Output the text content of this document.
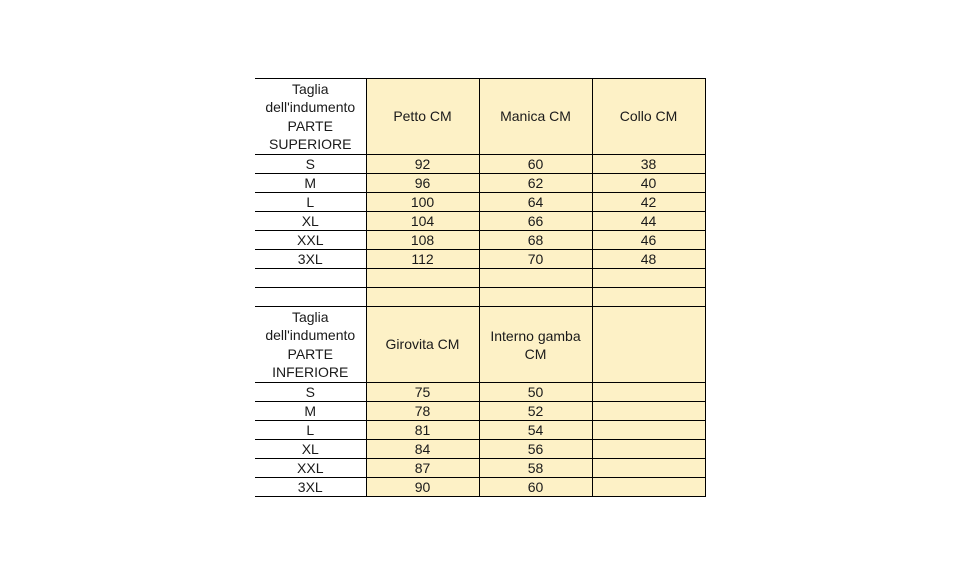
Taglia dell'indumento PARTE SUPERIORE	Petto CM	Manica CM	Collo CM
S	92	60	38
M	96	62	40
L	100	64	42
XL	104	66	44
XXL	108	68	46
3XL	112	70	48

Taglia dell'indumento PARTE INFERIORE	Girovita CM	Interno gamba CM	
S	75	50	
M	78	52	
L	81	54	
XL	84	56	
XXL	87	58	
3XL	90	60	
